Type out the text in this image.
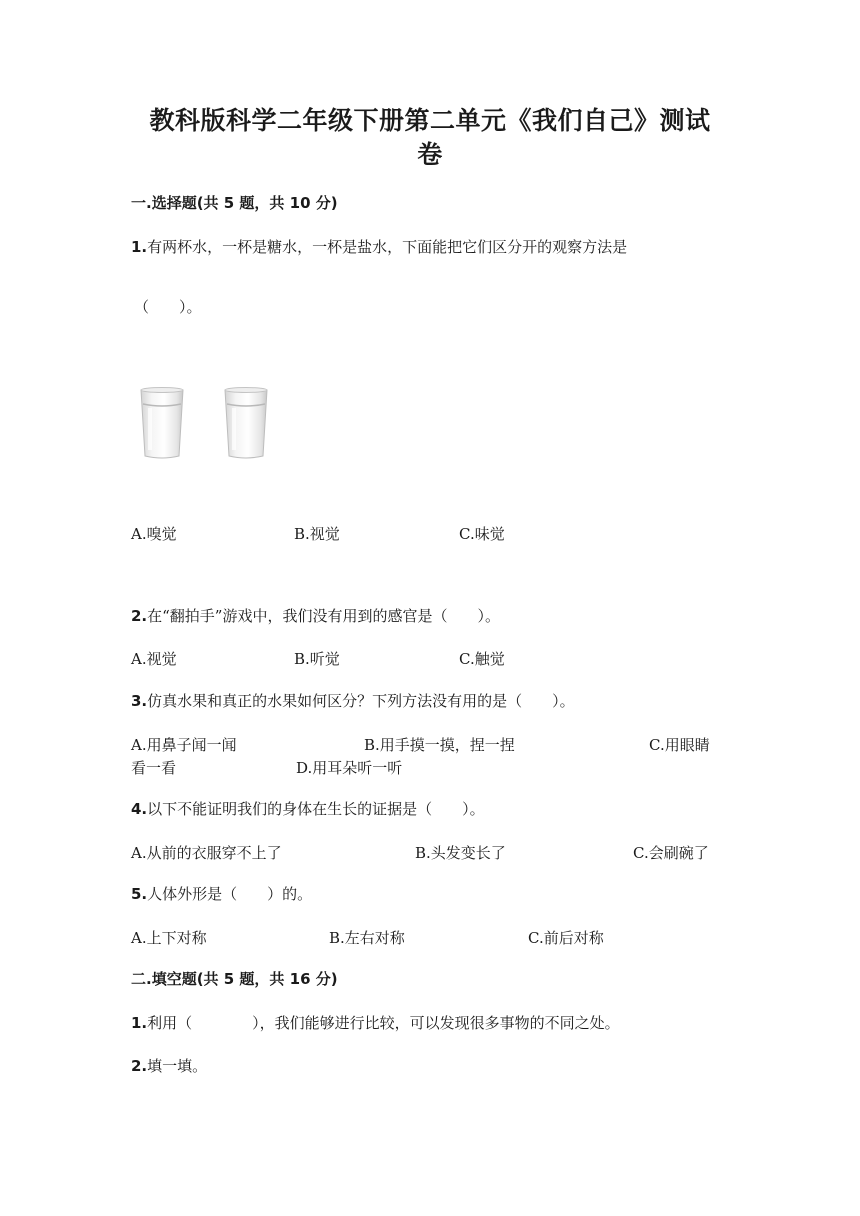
教科版科学二年级下册第二单元《我们自己》测试
卷
一.选择题(共 5 题，共 10 分)
1.有两杯水，一杯是糖水，一杯是盐水，下面能把它们区分开的观察方法是
（　　）。
A.嗅觉	B.视觉	C.味觉
2.在“翻拍手”游戏中，我们没有用到的感官是（　　）。
A.视觉	B.听觉	C.触觉
3.仿真水果和真正的水果如何区分？下列方法没有用的是（　　）。
A.用鼻子闻一闻	B.用手摸一摸，捏一捏	C.用眼睛
看一看	D.用耳朵听一听
4.以下不能证明我们的身体在生长的证据是（　　）。
A.从前的衣服穿不上了	B.头发变长了	C.会刷碗了
5.人体外形是（　　）的。
A.上下对称	B.左右对称	C.前后对称
二.填空题(共 5 题，共 16 分)
1.利用（　　　　），我们能够进行比较，可以发现很多事物的不同之处。
2.填一填。
